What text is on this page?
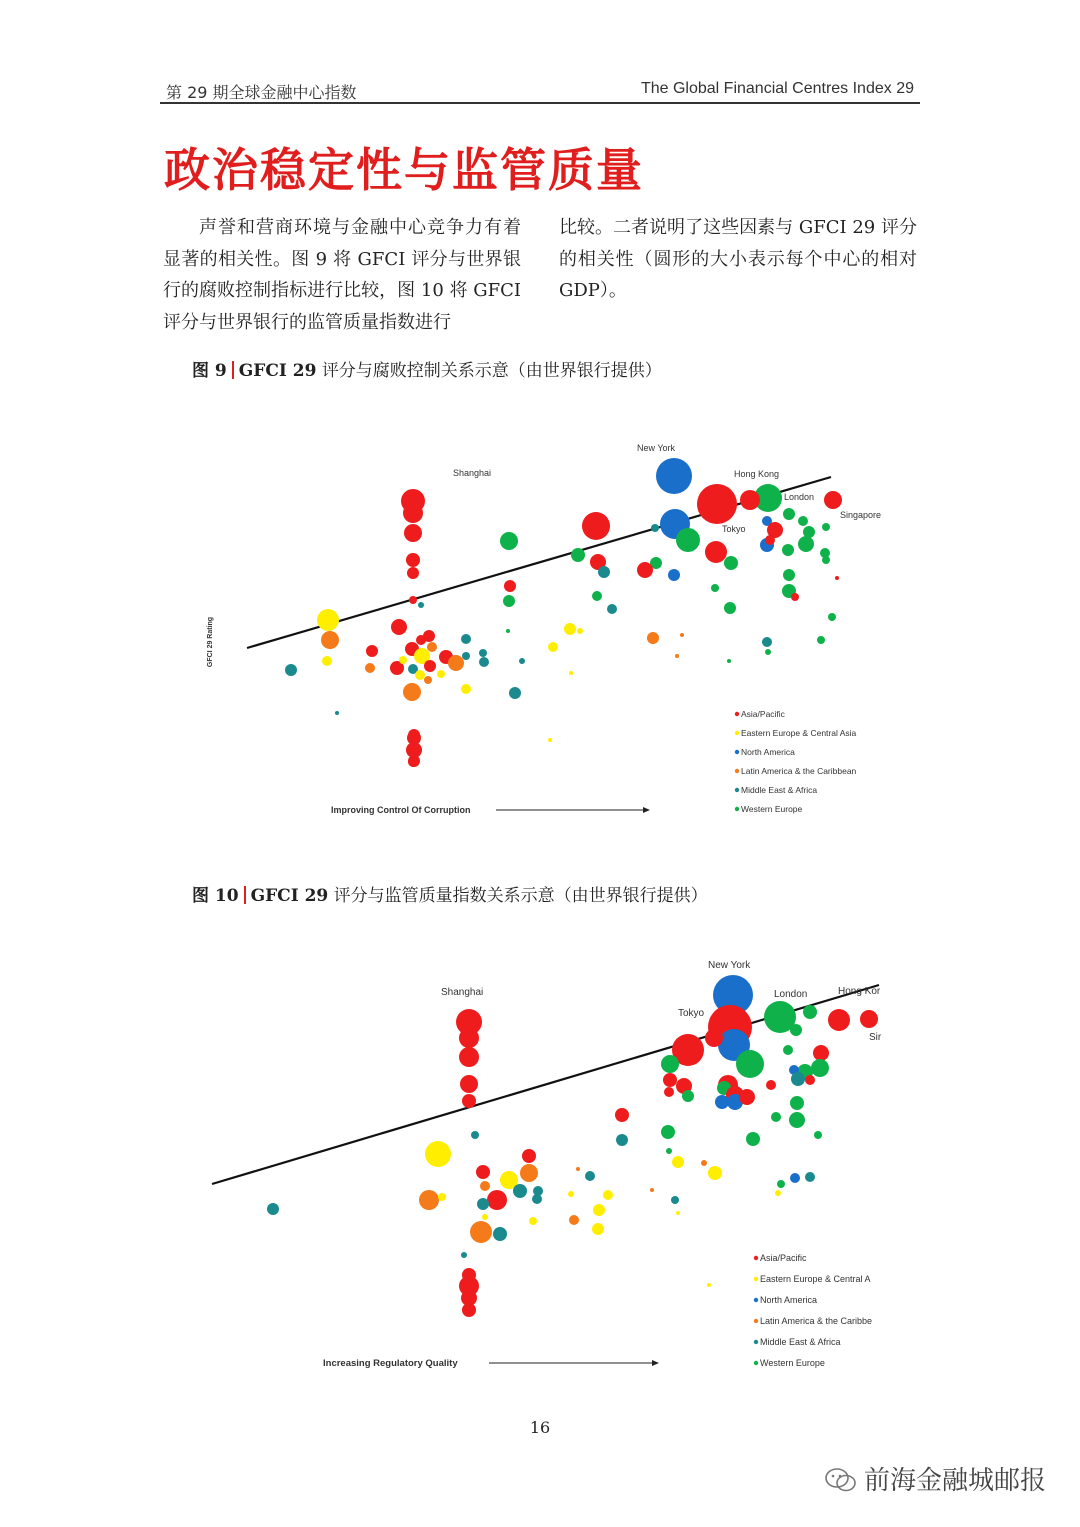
第 29 期全球金融中心指数	The Global Financial Centres Index 29
政治稳定性与监管质量
声誉和营商环境与金融中心竞争力有着显著的相关性。图 9 将 GFCI 评分与世界银行的腐败控制指标进行比较，图 10 将 GFCI 评分与世界银行的监管质量指数进行
比较。二者说明了这些因素与 GFCI 29 评分的相关性（圆形的大小表示每个中心的相对 GDP）。
图 9 GFCI 29 评分与腐败控制关系示意（由世界银行提供）
New York
Hong Kong
London
Shanghai
Tokyo
Singapore
GFCI 29 Rating
Improving Control Of Corruption
Asia/Pacific
Eastern Europe & Central Asia
North America
Latin America & the Caribbean
Middle East & Africa
Western Europe
图 10 GFCI 29 评分与监管质量指数关系示意（由世界银行提供）
New York
London	Hong Kor
Shanghai
Tokyo
Sir
Increasing Regulatory Quality
Asia/Pacific
Eastern Europe & Central A
North America
Latin America & the Caribbe
Middle East & Africa
Western Europe
16
前海金融城邮报
